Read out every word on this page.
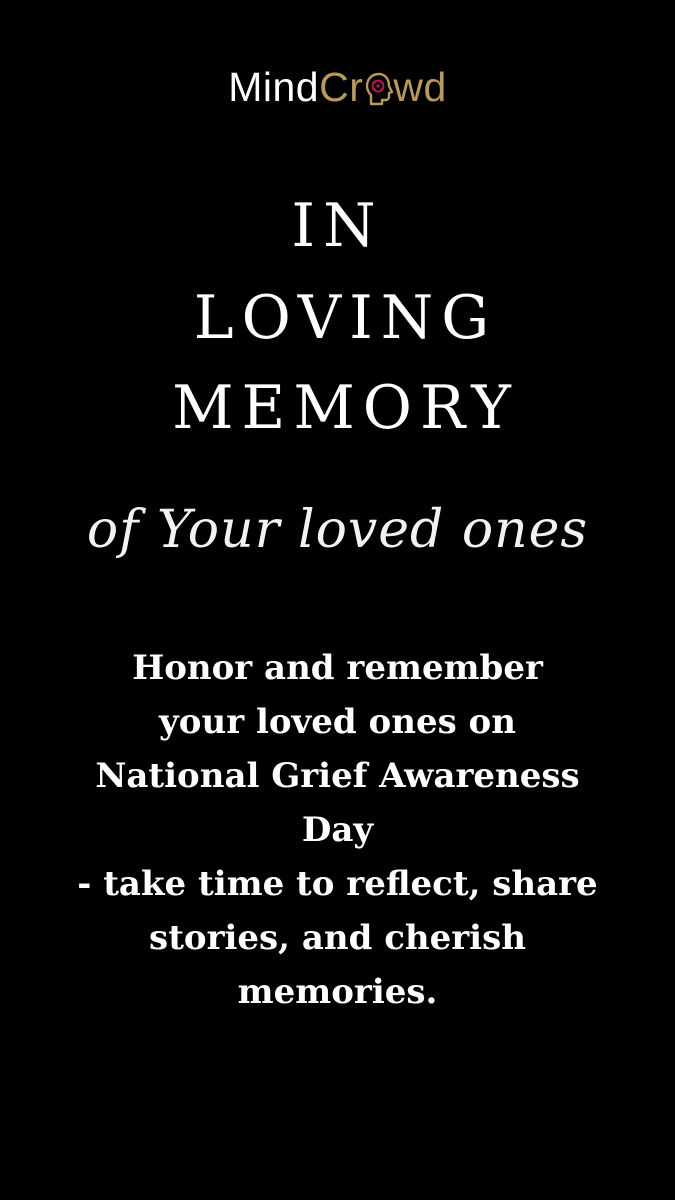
MindCr wd
IN
LOVING
MEMORY
of Your loved ones
Honor and remember
your loved ones on
National Grief Awareness
Day
- take time to reflect, share
stories, and cherish
memories.
